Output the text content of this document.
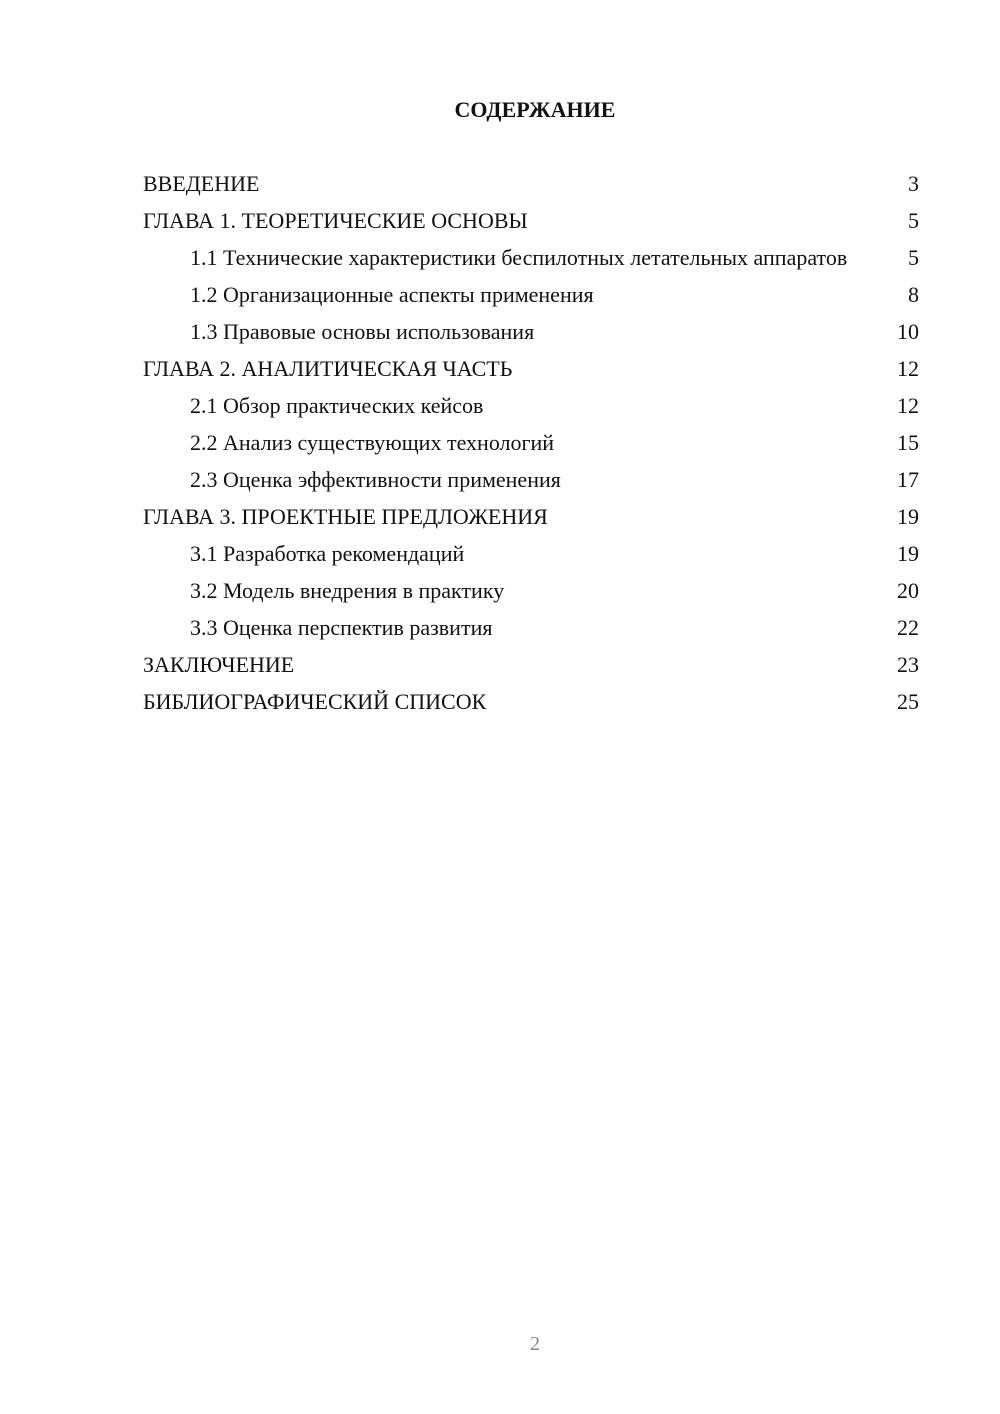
СОДЕРЖАНИЕ
ВВЕДЕНИЕ	3
ГЛАВА 1. ТЕОРЕТИЧЕСКИЕ ОСНОВЫ	5
1.1 Технические характеристики беспилотных летательных аппаратов	5
1.2 Организационные аспекты применения	8
1.3 Правовые основы использования	10
ГЛАВА 2. АНАЛИТИЧЕСКАЯ ЧАСТЬ	12
2.1 Обзор практических кейсов	12
2.2 Анализ существующих технологий	15
2.3 Оценка эффективности применения	17
ГЛАВА 3. ПРОЕКТНЫЕ ПРЕДЛОЖЕНИЯ	19
3.1 Разработка рекомендаций	19
3.2 Модель внедрения в практику	20
3.3 Оценка перспектив развития	22
ЗАКЛЮЧЕНИЕ	23
БИБЛИОГРАФИЧЕСКИЙ СПИСОК	25
2
